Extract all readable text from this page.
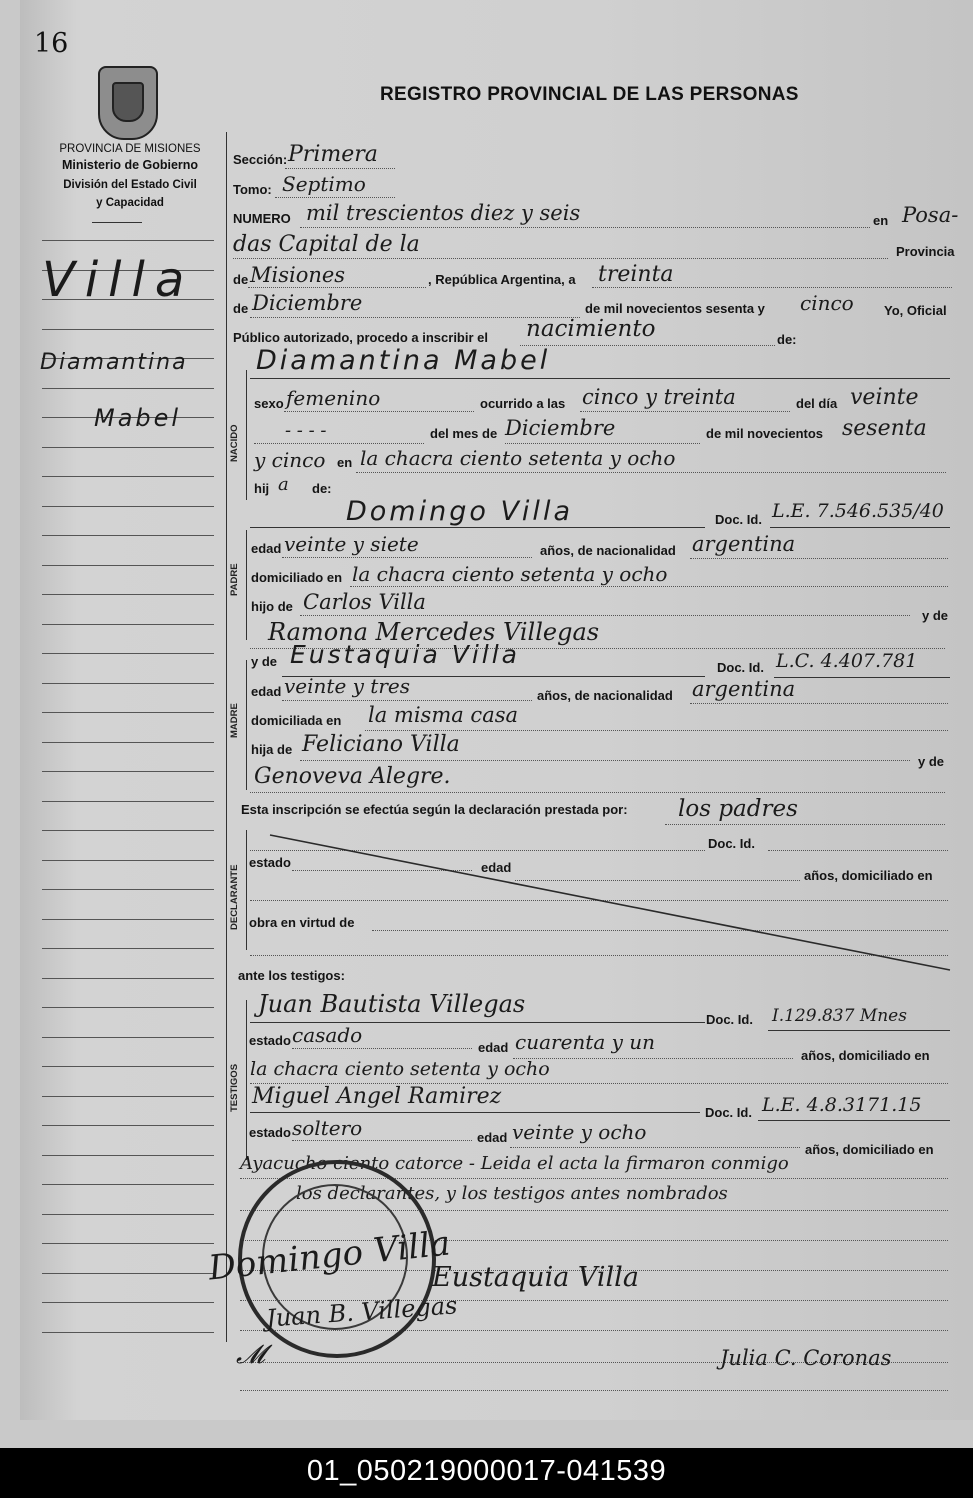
16
REGISTRO PROVINCIAL DE LAS PERSONAS
PROVINCIA DE MISIONES
Ministerio de Gobierno
División del Estado Civil
y Capacidad
Villa
Diamantina
Mabel
NACIDO
PADRE
MADRE
DECLARANTE
TESTIGOS
Sección: Primera
Tomo: Septimo
NUMERO mil trescientos diez y seis	en Posa-
das Capital de la	Provincia
de Misiones	, República Argentina, a treinta
de Diciembre	de mil novecientos sesenta y cinco Yo, Oficial
Público autorizado, procedo a inscribir el nacimiento	de:
Diamantina Mabel
sexo femenino	ocurrido a las cinco y treinta	del día veinte
- - - -	del mes de Diciembre	de mil novecientos sesenta
y cinco en la chacra ciento setenta y ocho
hij a de:
Domingo Villa	Doc. Id. L.E. 7.546.535/40
edad veinte y siete	años, de nacionalidad argentina
domiciliado en la chacra ciento setenta y ocho
hijo de Carlos Villa
y de
Ramona Mercedes Villegas
y de Eustaquia Villa	Doc. Id. L.C. 4.407.781
edad veinte y tres	años, de nacionalidad argentina
domiciliada en la misma casa
hija de Feliciano Villa
y de
Genoveva Alegre.
Esta inscripción se efectúa según la declaración prestada por: los padres
Doc. Id.
estado	edad
años, domiciliado en
obra en virtud de
ante los testigos:
Juan Bautista Villegas
Doc. Id. I.129.837 Mnes
estado casado
edad cuarenta y un
años, domiciliado en
la chacra ciento setenta y ocho
Miguel Angel Ramirez
Doc. Id. L.E. 4.8.3171.15
estado soltero	edad veinte y ocho
años, domiciliado en
Ayacucho ciento catorce - Leida el acta la firmaron conmigo
los declarantes, y los testigos antes nombrados
Domingo Villa
Eustaquia Villa
Juan B. Villegas
𝓜	Julia C. Coronas
01_050219000017-041539
